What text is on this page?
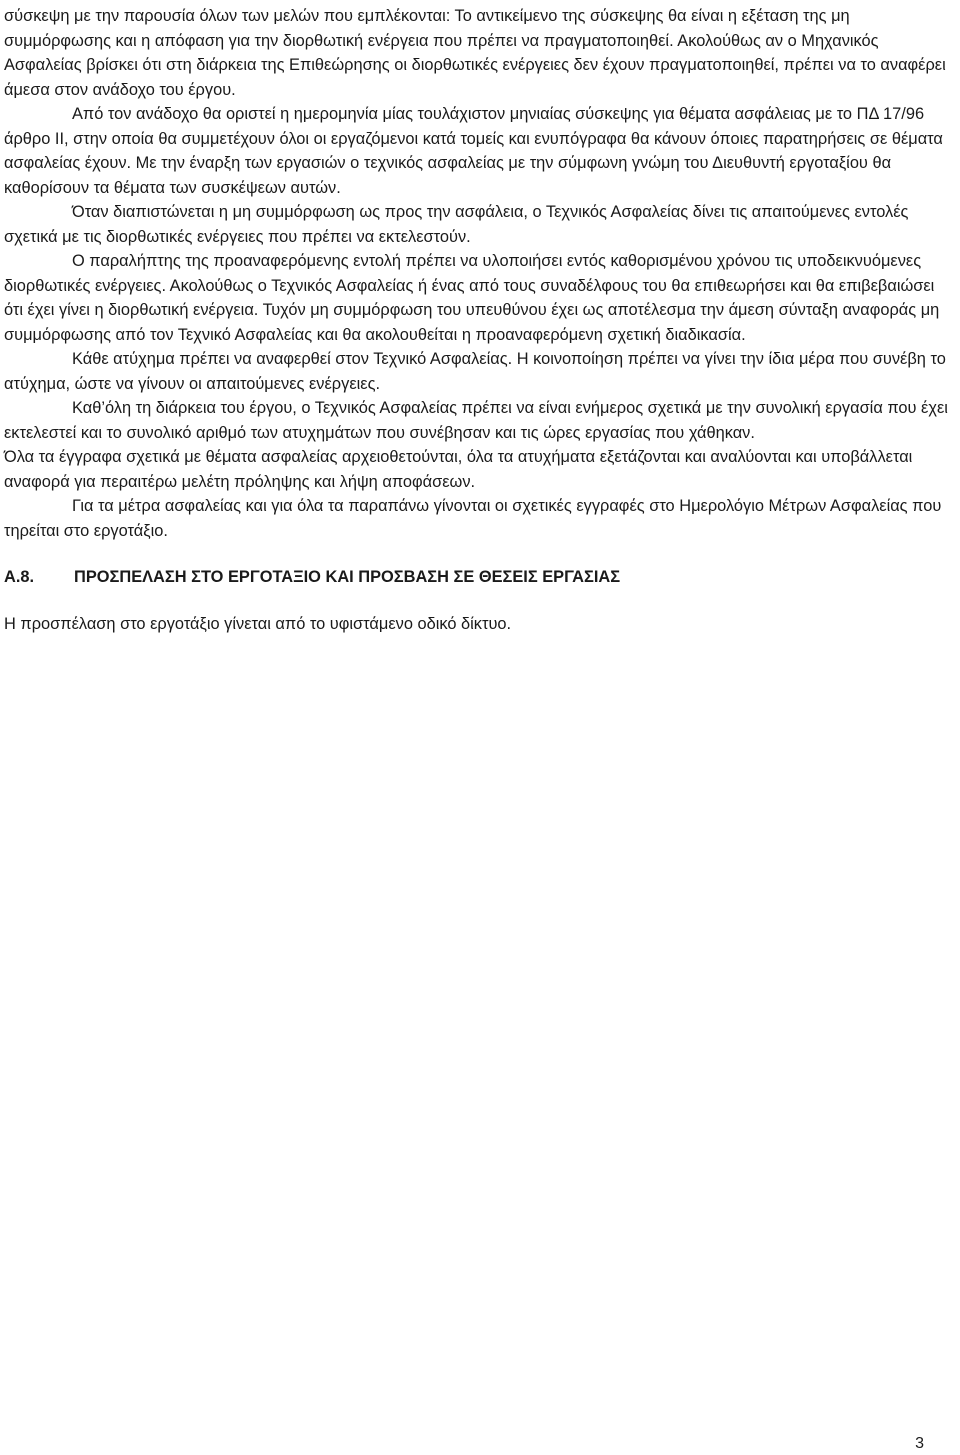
σύσκεψη με την παρουσία όλων των μελών που εμπλέκονται: Το αντικείμενο της σύσκεψης θα είναι η εξέταση της μη συμμόρφωσης και η απόφαση για την διορθωτική ενέργεια που πρέπει να πραγματοποιηθεί. Ακολούθως αν ο Μηχανικός Ασφαλείας βρίσκει ότι στη διάρκεια της Επιθεώρησης οι διορθωτικές ενέργειες δεν έχουν πραγματοποιηθεί, πρέπει να το αναφέρει άμεσα στον ανάδοχο του έργου.

Από τον ανάδοχο θα οριστεί η ημερομηνία μίας τουλάχιστον μηνιαίας σύσκεψης για θέματα ασφάλειας με το ΠΔ 17/96 άρθρο ΙΙ, στην οποία θα συμμετέχουν όλοι οι εργαζόμενοι κατά τομείς και ενυπόγραφα θα κάνουν όποιες παρατηρήσεις σε θέματα ασφαλείας έχουν. Με την έναρξη των εργασιών ο τεχνικός ασφαλείας με την σύμφωνη γνώμη του Διευθυντή εργοταξίου θα καθορίσουν τα θέματα των συσκέψεων αυτών.

Όταν διαπιστώνεται η μη συμμόρφωση ως προς την ασφάλεια, ο Τεχνικός Ασφαλείας δίνει τις απαιτούμενες εντολές σχετικά με τις διορθωτικές ενέργειες που πρέπει να εκτελεστούν.

Ο παραλήπτης της προαναφερόμενης εντολή πρέπει να υλοποιήσει εντός καθορισμένου χρόνου τις υποδεικνυόμενες διορθωτικές ενέργειες. Ακολούθως ο Τεχνικός Ασφαλείας ή ένας από τους συναδέλφους του θα επιθεωρήσει και θα επιβεβαιώσει ότι έχει γίνει η διορθωτική ενέργεια. Τυχόν μη συμμόρφωση του υπευθύνου έχει ως αποτέλεσμα την άμεση σύνταξη αναφοράς μη συμμόρφωσης από τον Τεχνικό Ασφαλείας και θα ακολουθείται η προαναφερόμενη σχετική διαδικασία.

Κάθε ατύχημα πρέπει να αναφερθεί στον Τεχνικό Ασφαλείας. Η κοινοποίηση πρέπει να γίνει την ίδια μέρα που συνέβη το ατύχημα, ώστε να γίνουν οι απαιτούμενες ενέργειες.

Καθ’όλη τη διάρκεια του έργου, ο Τεχνικός Ασφαλείας πρέπει να είναι ενήμερος σχετικά με την συνολική εργασία που έχει εκτελεστεί και το συνολικό αριθμό των ατυχημάτων που συνέβησαν και τις ώρες εργασίας που χάθηκαν.

Όλα τα έγγραφα σχετικά με θέματα ασφαλείας αρχειοθετούνται, όλα τα ατυχήματα εξετάζονται και αναλύονται και υποβάλλεται αναφορά για περαιτέρω μελέτη πρόληψης και λήψη αποφάσεων.

Για τα μέτρα ασφαλείας και για όλα τα παραπάνω γίνονται οι σχετικές εγγραφές στο Ημερολόγιο Μέτρων Ασφαλείας που τηρείται στο εργοτάξιο.

Α.8.	ΠΡΟΣΠΕΛΑΣΗ ΣΤΟ ΕΡΓΟΤΑΞΙΟ ΚΑΙ ΠΡΟΣΒΑΣΗ ΣΕ ΘΕΣΕΙΣ ΕΡΓΑΣΙΑΣ

Η προσπέλαση στο εργοτάξιο γίνεται από το υφιστάμενο οδικό δίκτυο.

3
